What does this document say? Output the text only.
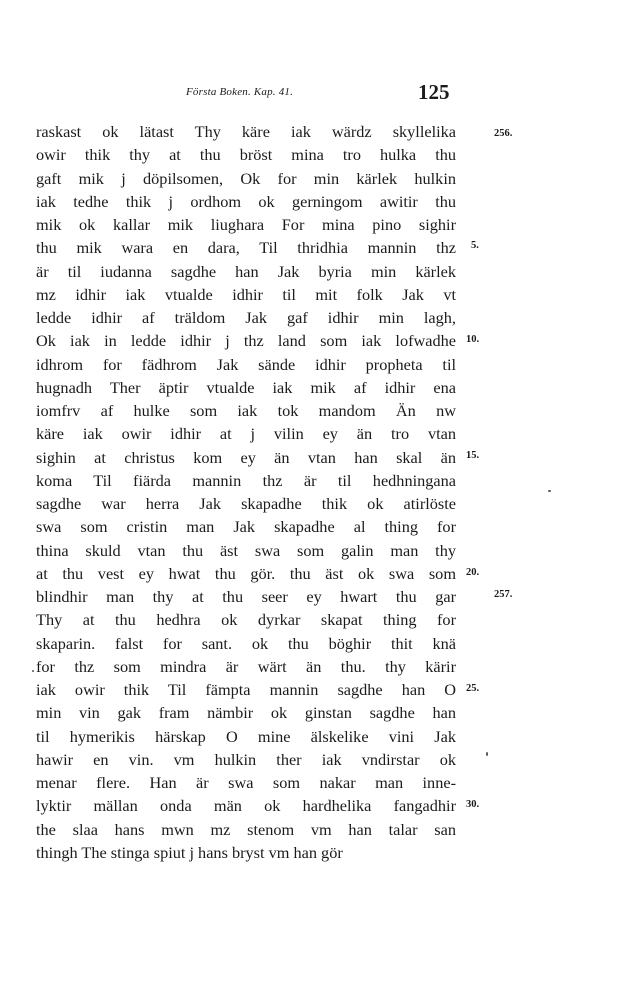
Första Boken. Kap. 41.	125
raskast ok lätast Thy käre iak wärdz skyllelika
owir thik thy at thu bröst mina tro hulka thu
gaft mik j döpilsomen, Ok for min kärlek hulkin
iak tedhe thik j ordhom ok gerningom awitir thu
mik ok kallar mik liughara For mina pino sighir
thu mik wara en dara, Til thridhia mannin thz
är til iudanna sagdhe han Jak byria min kärlek
mz idhir iak vtualde idhir til mit folk Jak vt
ledde idhir af träldom Jak gaf idhir min lagh,
Ok iak in ledde idhir j thz land som iak lofwadhe
idhrom for fädhrom Jak sände idhir propheta til
hugnadh Ther äptir vtualde iak mik af idhir ena
iomfrv af hulke som iak tok mandom Än nw
käre iak owir idhir at j vilin ey än tro vtan
sighin at christus kom ey än vtan han skal än
koma Til fiärda mannin thz är til hedhningana
sagdhe war herra Jak skapadhe thik ok atirlöste
swa som cristin man Jak skapadhe al thing for
thina skuld vtan thu äst swa som galin man thy
at thu vest ey hwat thu gör. thu äst ok swa som
blindhir man thy at thu seer ey hwart thu gar
Thy at thu hedhra ok dyrkar skapat thing for
skaparin. falst for sant. ok thu böghir thit knä
for thz som mindra är wärt än thu. thy kärir
iak owir thik Til fämpta mannin sagdhe han O
min vin gak fram nämbir ok ginstan sagdhe han
til hymerikis härskap O mine älskelike vini Jak
hawir en vin. vm hulkin ther iak vndirstar ok
menar flere. Han är swa som nakar man inne-
lyktir mällan onda män ok hardhelika fangadhir
the slaa hans mwn mz stenom vm han talar san
thingh The stinga spiut j hans bryst vm han gör
256.
5.
10.
15.
20.
257.
25.
30.
